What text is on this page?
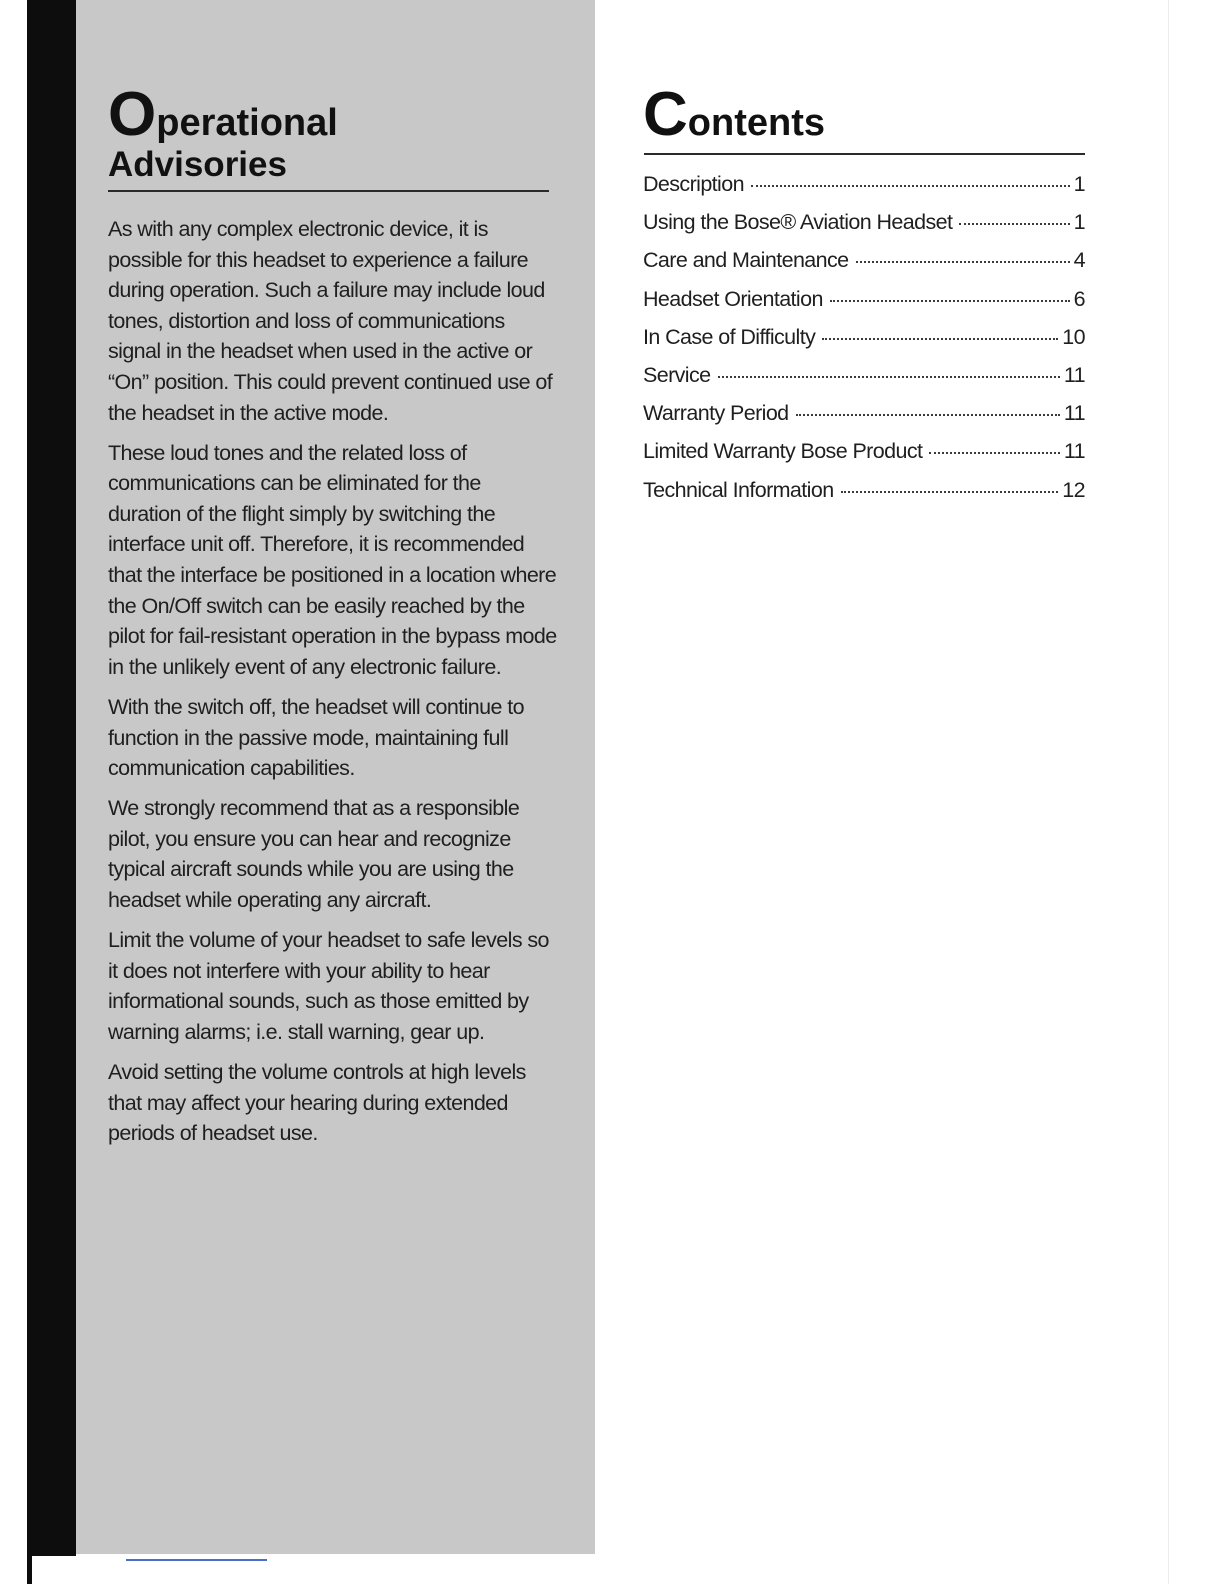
Operational
Advisories

As with any complex electronic device, it is possible for this headset to experience a failure during operation. Such a failure may include loud tones, distortion and loss of communications signal in the headset when used in the active or “On” position. This could prevent continued use of the headset in the active mode.

These loud tones and the related loss of communications can be eliminated for the duration of the flight simply by switching the interface unit off. Therefore, it is recommended that the interface be positioned in a location where the On/Off switch can be easily reached by the pilot for fail-resistant operation in the bypass mode in the unlikely event of any electronic failure.

With the switch off, the headset will continue to function in the passive mode, maintaining full communication capabilities.

We strongly recommend that as a responsible pilot, you ensure you can hear and recognize typical aircraft sounds while you are using the headset while operating any aircraft.

Limit the volume of your headset to safe levels so it does not interfere with your ability to hear informational sounds, such as those emitted by warning alarms; i.e. stall warning, gear up.

Avoid setting the volume controls at high levels that may affect your hearing during extended periods of headset use.

Contents
Description	1
Using the Bose® Aviation Headset	1
Care and Maintenance	4
Headset Orientation	6
In Case of Difficulty	10
Service	11
Warranty Period	11
Limited Warranty Bose Product	11
Technical Information	12
